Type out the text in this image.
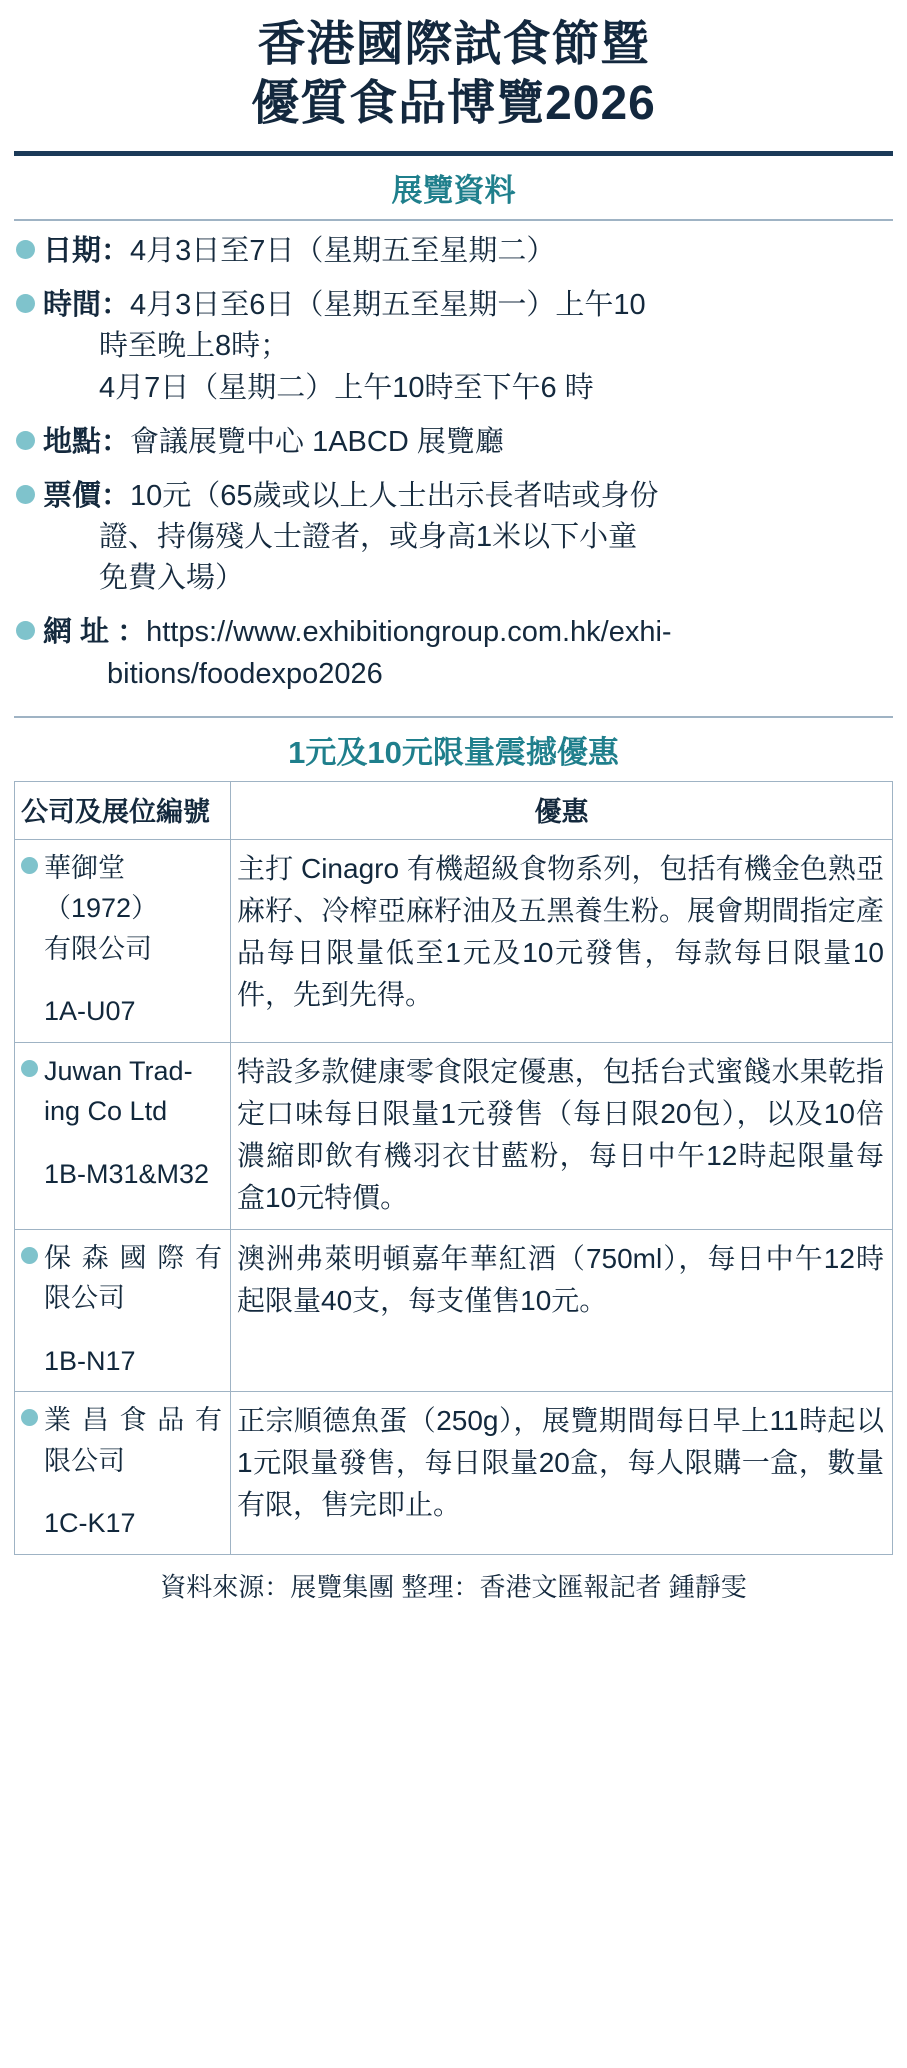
香港國際試食節暨
優質食品博覽2026
展覽資料
日期：4月3日至7日（星期五至星期二）
時間：4月3日至6日（星期五至星期一）上午10
時至晚上8時；
4月7日（星期二）上午10時至下午6 時
地點：會議展覽中心 1ABCD 展覽廳
票價：10元（65歲或以上人士出示長者咭或身份
證、持傷殘人士證者，或身高1米以下小童
免費入場）
網 址 ：https://www.exhibitiongroup.com.hk/exhi-
bitions/foodexpo2026
1元及10元限量震撼優惠
公司及展位編號	優惠

華御堂
（1972）
有限公司
1A-U07	主打 Cinagro 有機超級食物系列，包括有機金色熟亞麻籽、冷榨亞麻籽油及五黑養生粉。展會期間指定產品每日限量低至1元及10元發售，每款每日限量10件，先到先得。

Juwan Trad-
ing Co Ltd
1B-M31&M32	特設多款健康零食限定優惠，包括台式蜜餞水果乾指定口味每日限量1元發售（每日限20包），以及10倍濃縮即飲有機羽衣甘藍粉，每日中午12時起限量每盒10元特價。

保森國際有
限公司
1B-N17	澳洲弗萊明頓嘉年華紅酒（750ml），每日中午12時起限量40支，每支僅售10元。

業昌食品有
限公司
1C-K17	正宗順德魚蛋（250g），展覽期間每日早上11時起以1元限量發售，每日限量20盒，每人限購一盒，數量有限，售完即止。
資料來源：展覽集團 整理：香港文匯報記者 鍾靜雯
